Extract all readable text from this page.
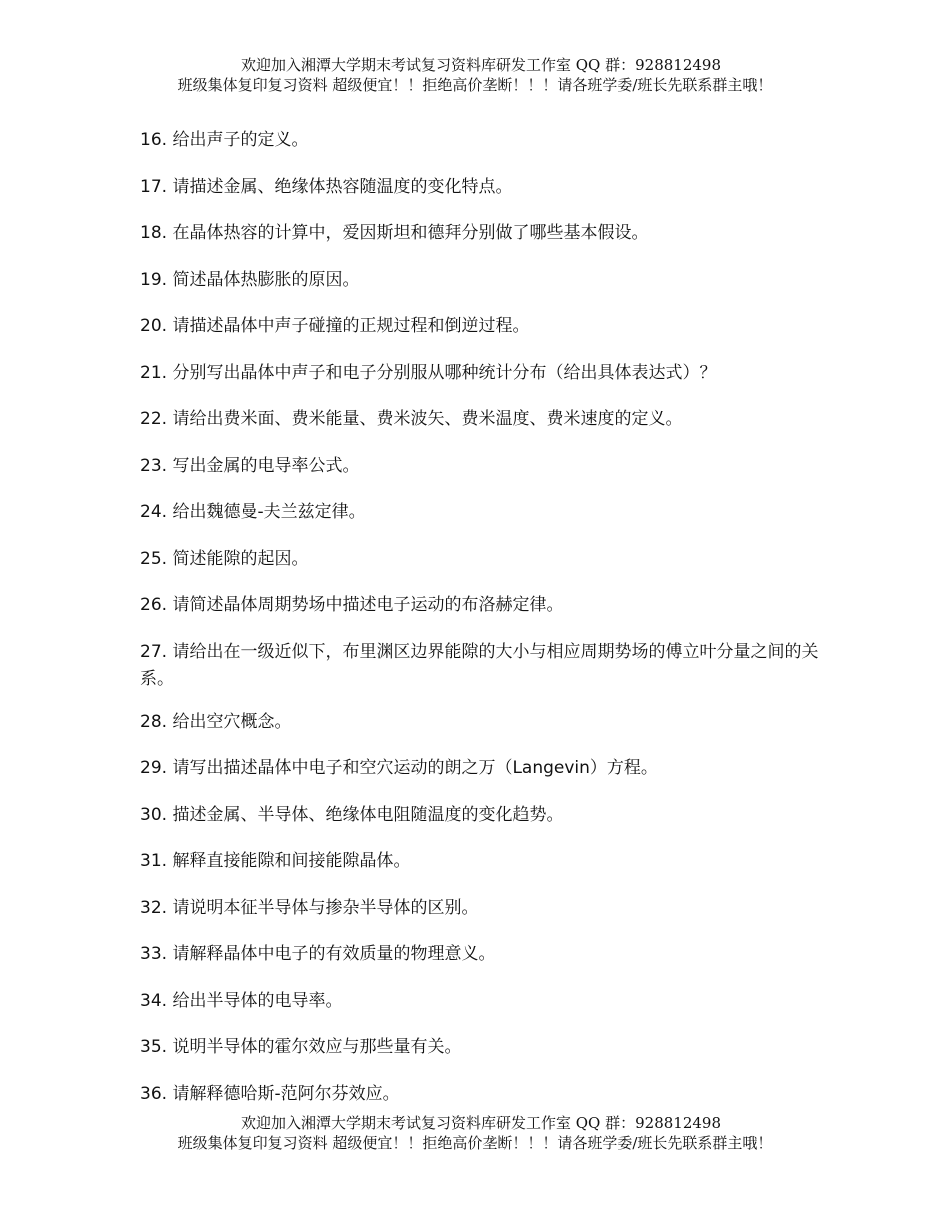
欢迎加入湘潭大学期末考试复习资料库研发工作室 QQ 群：928812498
班级集体复印复习资料 超级便宜！！拒绝高价垄断！！！请各班学委/班长先联系群主哦！
16. 给出声子的定义。
17. 请描述金属、绝缘体热容随温度的变化特点。
18. 在晶体热容的计算中，爱因斯坦和德拜分别做了哪些基本假设。
19. 简述晶体热膨胀的原因。
20. 请描述晶体中声子碰撞的正规过程和倒逆过程。
21. 分别写出晶体中声子和电子分别服从哪种统计分布（给出具体表达式）？
22. 请给出费米面、费米能量、费米波矢、费米温度、费米速度的定义。
23. 写出金属的电导率公式。
24. 给出魏德曼-夫兰兹定律。
25. 简述能隙的起因。
26. 请简述晶体周期势场中描述电子运动的布洛赫定律。
27. 请给出在一级近似下，布里渊区边界能隙的大小与相应周期势场的傅立叶分量之间的关系。
28. 给出空穴概念。
29. 请写出描述晶体中电子和空穴运动的朗之万（Langevin）方程。
30. 描述金属、半导体、绝缘体电阻随温度的变化趋势。
31. 解释直接能隙和间接能隙晶体。
32. 请说明本征半导体与掺杂半导体的区别。
33. 请解释晶体中电子的有效质量的物理意义。
34. 给出半导体的电导率。
35. 说明半导体的霍尔效应与那些量有关。
36. 请解释德哈斯-范阿尔芬效应。
欢迎加入湘潭大学期末考试复习资料库研发工作室 QQ 群：928812498
班级集体复印复习资料 超级便宜！！拒绝高价垄断！！！请各班学委/班长先联系群主哦！
